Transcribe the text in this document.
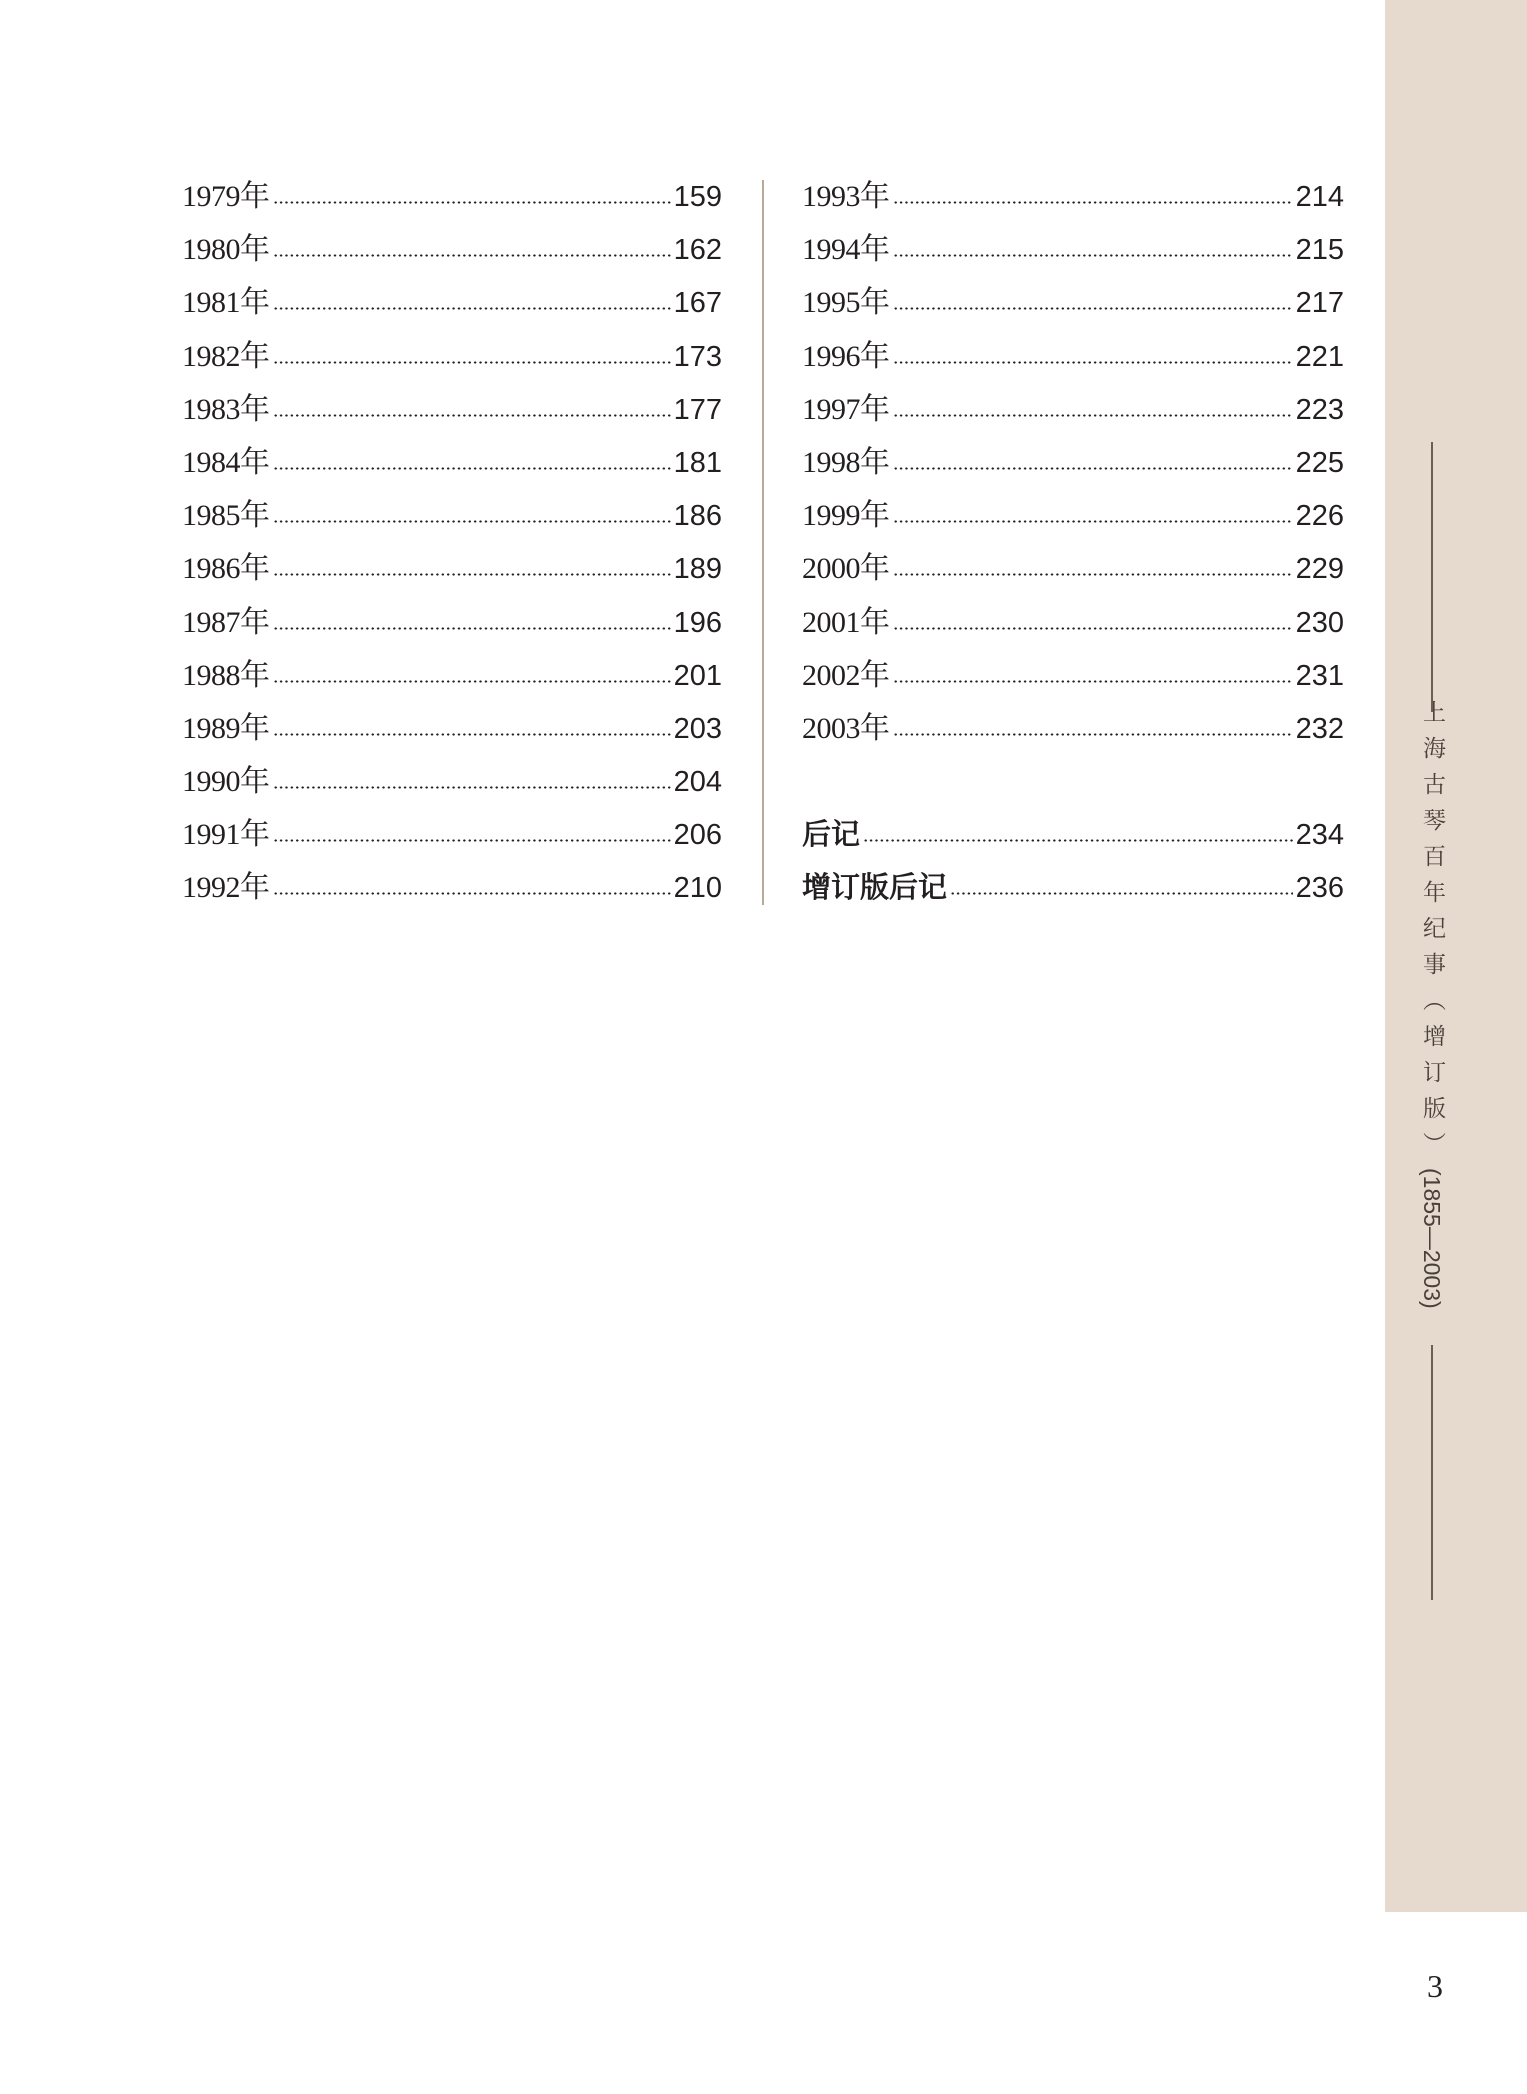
1979年	159
1980年	162
1981年	167
1982年	173
1983年	177
1984年	181
1985年	186
1986年	189
1987年	196
1988年	201
1989年	203
1990年	204
1991年	206
1992年	210
1993年	214
1994年	215
1995年	217
1996年	221
1997年	223
1998年	225
1999年	226
2000年	229
2001年	230
2002年	231
2003年	232
后记	234
增订版后记	236	上海古琴百年纪事（增订版）(1855—2003)
3
